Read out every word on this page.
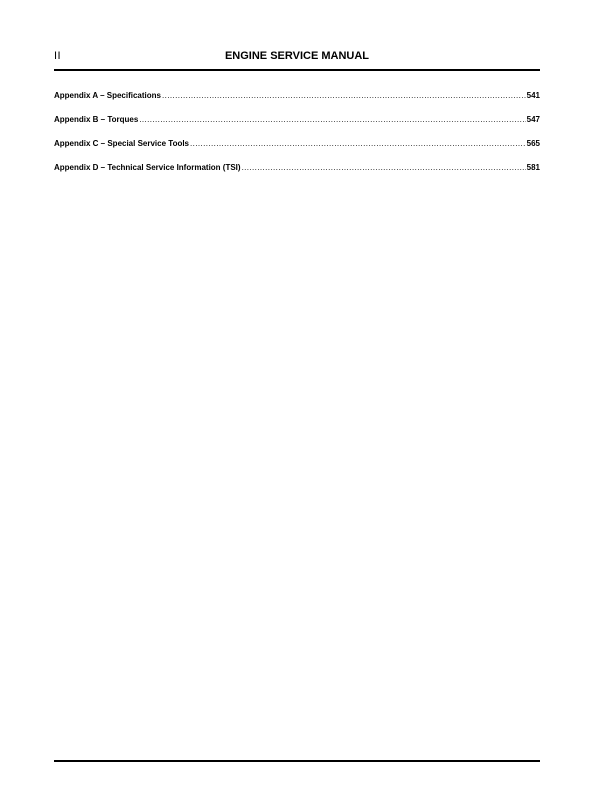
II	ENGINE SERVICE MANUAL
Appendix A – Specifications .....	541
Appendix B – Torques .....	547
Appendix C – Special Service Tools .....	565
Appendix D – Technical Service Information (TSI) .....	581
